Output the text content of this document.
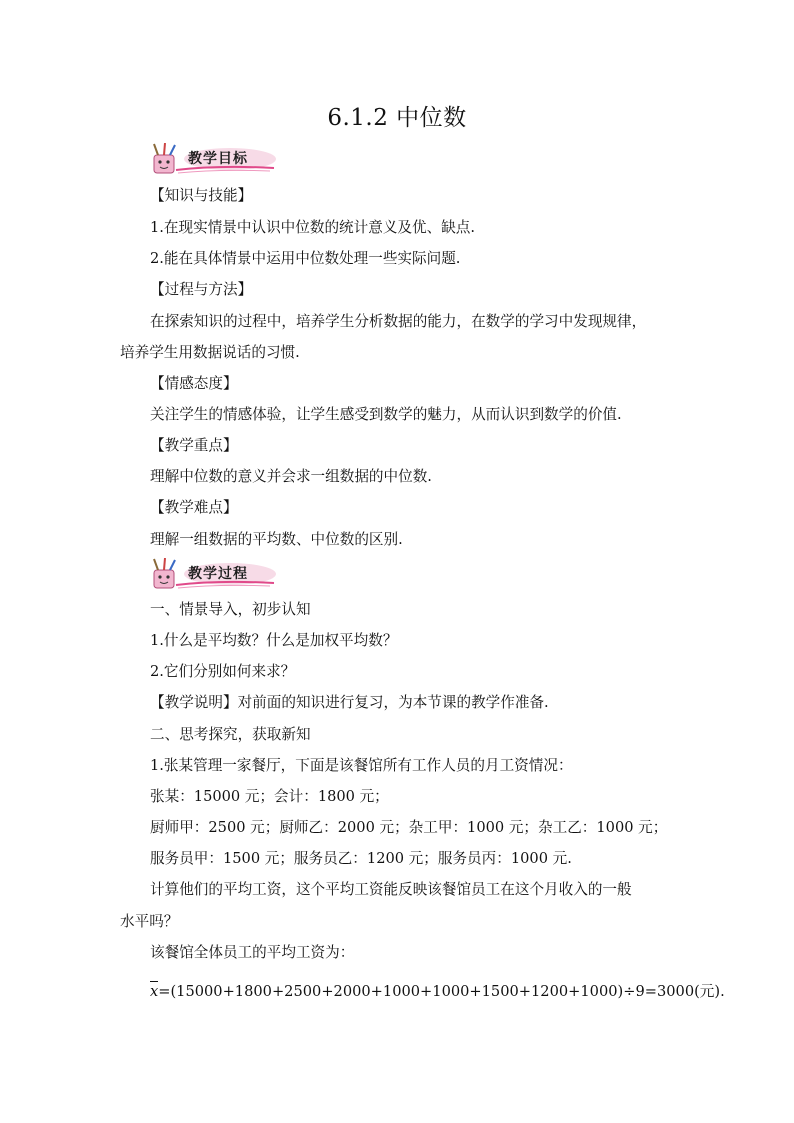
6.1.2 中位数
教学目标
【知识与技能】
1.在现实情景中认识中位数的统计意义及优、缺点.
2.能在具体情景中运用中位数处理一些实际问题.
【过程与方法】
在探索知识的过程中，培养学生分析数据的能力，在数学的学习中发现规律，
培养学生用数据说话的习惯.
【情感态度】
关注学生的情感体验，让学生感受到数学的魅力，从而认识到数学的价值.
【教学重点】
理解中位数的意义并会求一组数据的中位数.
【教学难点】
理解一组数据的平均数、中位数的区别.
教学过程
一、情景导入，初步认知
1.什么是平均数？什么是加权平均数？
2.它们分别如何来求？
【教学说明】对前面的知识进行复习，为本节课的教学作准备.
二、思考探究，获取新知
1.张某管理一家餐厅，下面是该餐馆所有工作人员的月工资情况：
张某：15000 元；会计：1800 元；
厨师甲：2500 元；厨师乙：2000 元；杂工甲：1000 元；杂工乙：1000 元；
服务员甲：1500 元；服务员乙：1200 元；服务员丙：1000 元.
计算他们的平均工资，这个平均工资能反映该餐馆员工在这个月收入的一般
水平吗？
该餐馆全体员工的平均工资为：
x=(15000+1800+2500+2000+1000+1000+1500+1200+1000)÷9=3000(元).
